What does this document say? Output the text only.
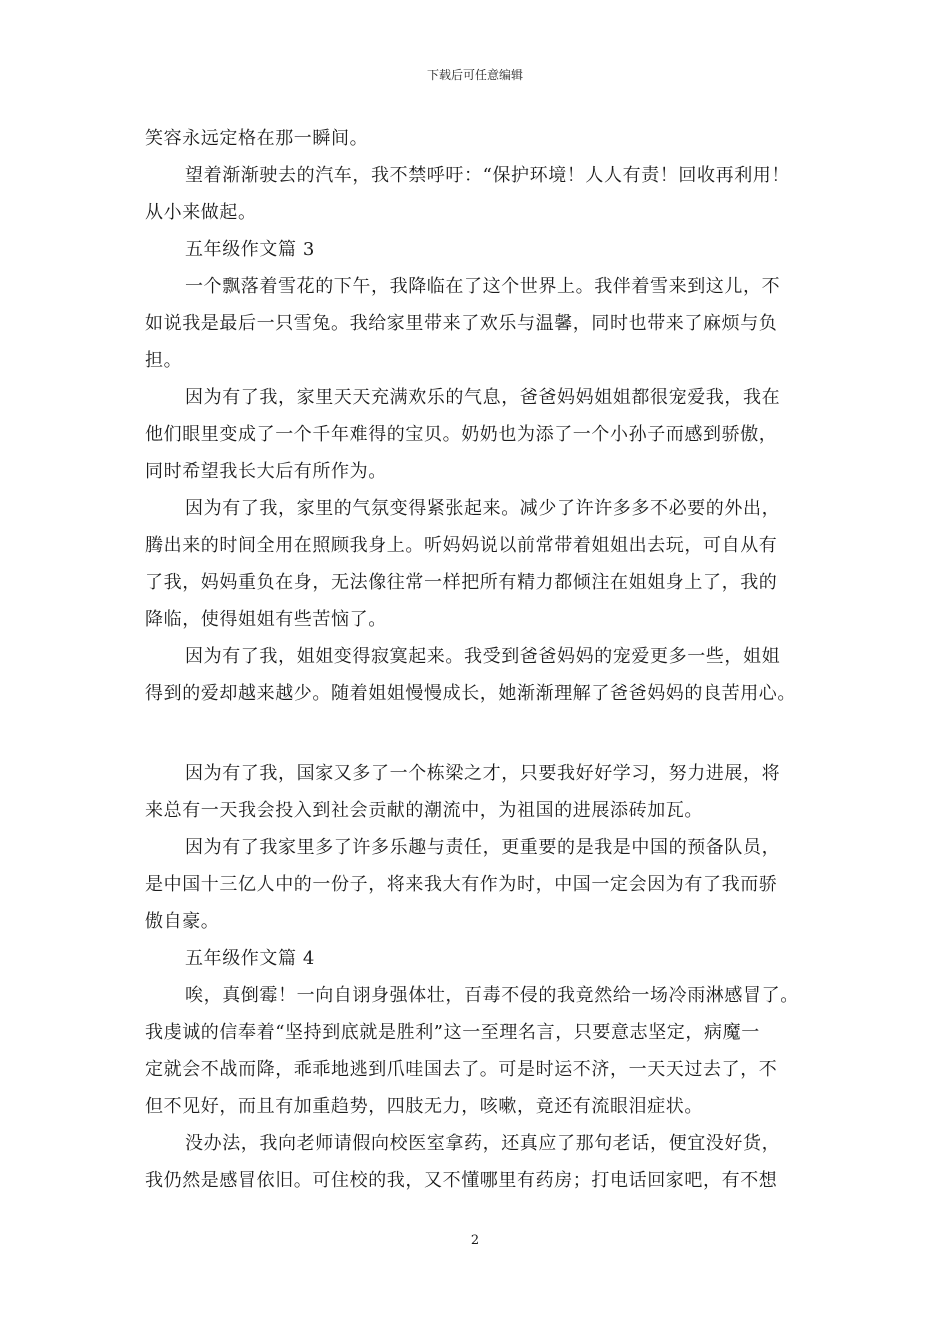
下载后可任意编辑
笑容永远定格在那一瞬间。
望着渐渐驶去的汽车，我不禁呼吁：“保护环境！人人有责！回收再利用！
从小来做起。
五年级作文篇 3
一个飘落着雪花的下午，我降临在了这个世界上。我伴着雪来到这儿，不
如说我是最后一只雪兔。我给家里带来了欢乐与温馨，同时也带来了麻烦与负
担。
因为有了我，家里天天充满欢乐的气息，爸爸妈妈姐姐都很宠爱我，我在
他们眼里变成了一个千年难得的宝贝。奶奶也为添了一个小孙子而感到骄傲，
同时希望我长大后有所作为。
因为有了我，家里的气氛变得紧张起来。减少了许许多多不必要的外出，
腾出来的时间全用在照顾我身上。听妈妈说以前常带着姐姐出去玩，可自从有
了我，妈妈重负在身，无法像往常一样把所有精力都倾注在姐姐身上了，我的
降临，使得姐姐有些苦恼了。
因为有了我，姐姐变得寂寞起来。我受到爸爸妈妈的宠爱更多一些，姐姐
得到的爱却越来越少。随着姐姐慢慢成长，她渐渐理解了爸爸妈妈的良苦用心。
因为有了我，国家又多了一个栋梁之才，只要我好好学习，努力进展，将
来总有一天我会投入到社会贡献的潮流中，为祖国的进展添砖加瓦。
因为有了我家里多了许多乐趣与责任，更重要的是我是中国的预备队员，
是中国十三亿人中的一份子，将来我大有作为时，中国一定会因为有了我而骄
傲自豪。
五年级作文篇 4
唉，真倒霉！一向自诩身强体壮，百毒不侵的我竟然给一场冷雨淋感冒了。
我虔诚的信奉着“坚持到底就是胜利”这一至理名言，只要意志坚定，病魔一
定就会不战而降，乖乖地逃到爪哇国去了。可是时运不济，一天天过去了，不
但不见好，而且有加重趋势，四肢无力，咳嗽，竟还有流眼泪症状。
没办法，我向老师请假向校医室拿药，还真应了那句老话，便宜没好货，
我仍然是感冒依旧。可住校的我，又不懂哪里有药房；打电话回家吧，有不想
2
